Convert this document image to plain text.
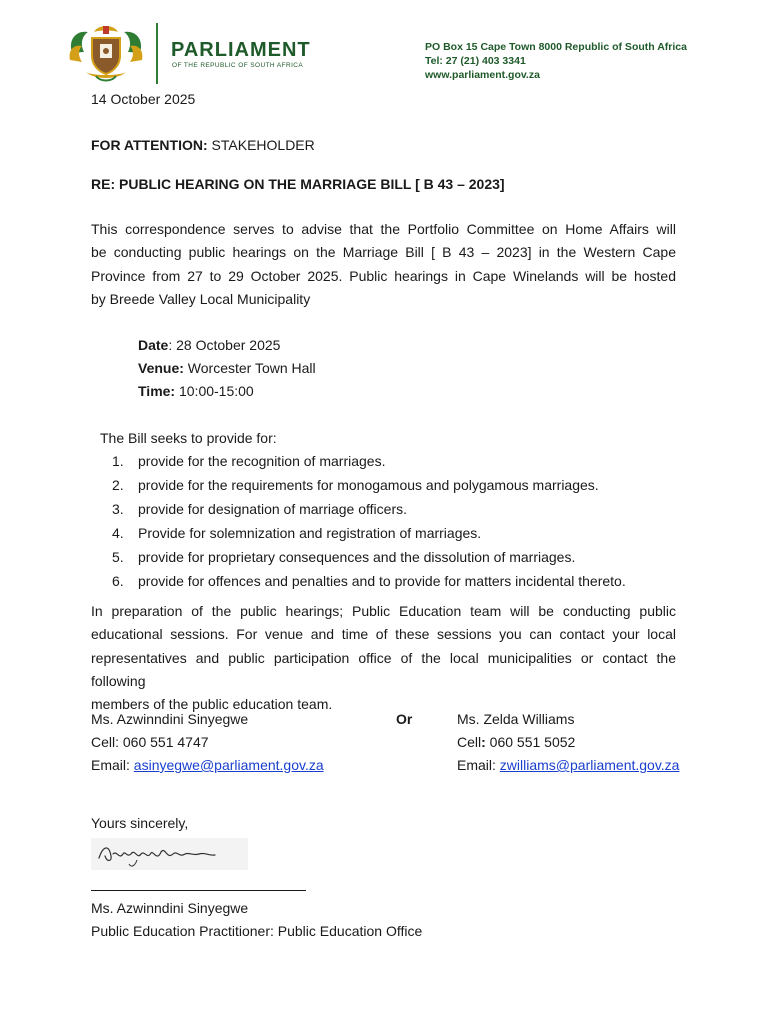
PARLIAMENT
OF THE REPUBLIC OF SOUTH AFRICA
PO Box 15 Cape Town 8000 Republic of South Africa
Tel: 27 (21) 403 3341
www.parliament.gov.za
14 October 2025
FOR ATTENTION: STAKEHOLDER
RE: PUBLIC HEARING ON THE MARRIAGE BILL [ B 43 – 2023]
This correspondence serves to advise that the Portfolio Committee on Home Affairs will
be conducting public hearings on the Marriage Bill [ B 43 – 2023] in the Western Cape
Province from 27 to 29 October 2025. Public hearings in Cape Winelands will be hosted
by Breede Valley Local Municipality
Date: 28 October 2025
Venue: Worcester Town Hall
Time: 10:00-15:00
The Bill seeks to provide for:
1. provide for the recognition of marriages.
2. provide for the requirements for monogamous and polygamous marriages.
3. provide for designation of marriage officers.
4. Provide for solemnization and registration of marriages.
5. provide for proprietary consequences and the dissolution of marriages.
6. provide for offences and penalties and to provide for matters incidental thereto.
In preparation of the public hearings; Public Education team will be conducting public
educational sessions. For venue and time of these sessions you can contact your local
representatives and public participation office of the local municipalities or contact the following
members of the public education team.
Ms. Azwinndini Sinyegwe
Cell: 060 551 4747
Email: asinyegwe@parliament.gov.za
Or	Ms. Zelda Williams
Cell: 060 551 5052
Email: zwilliams@parliament.gov.za
Yours sincerely,
Ms. Azwinndini Sinyegwe
Public Education Practitioner: Public Education Office
